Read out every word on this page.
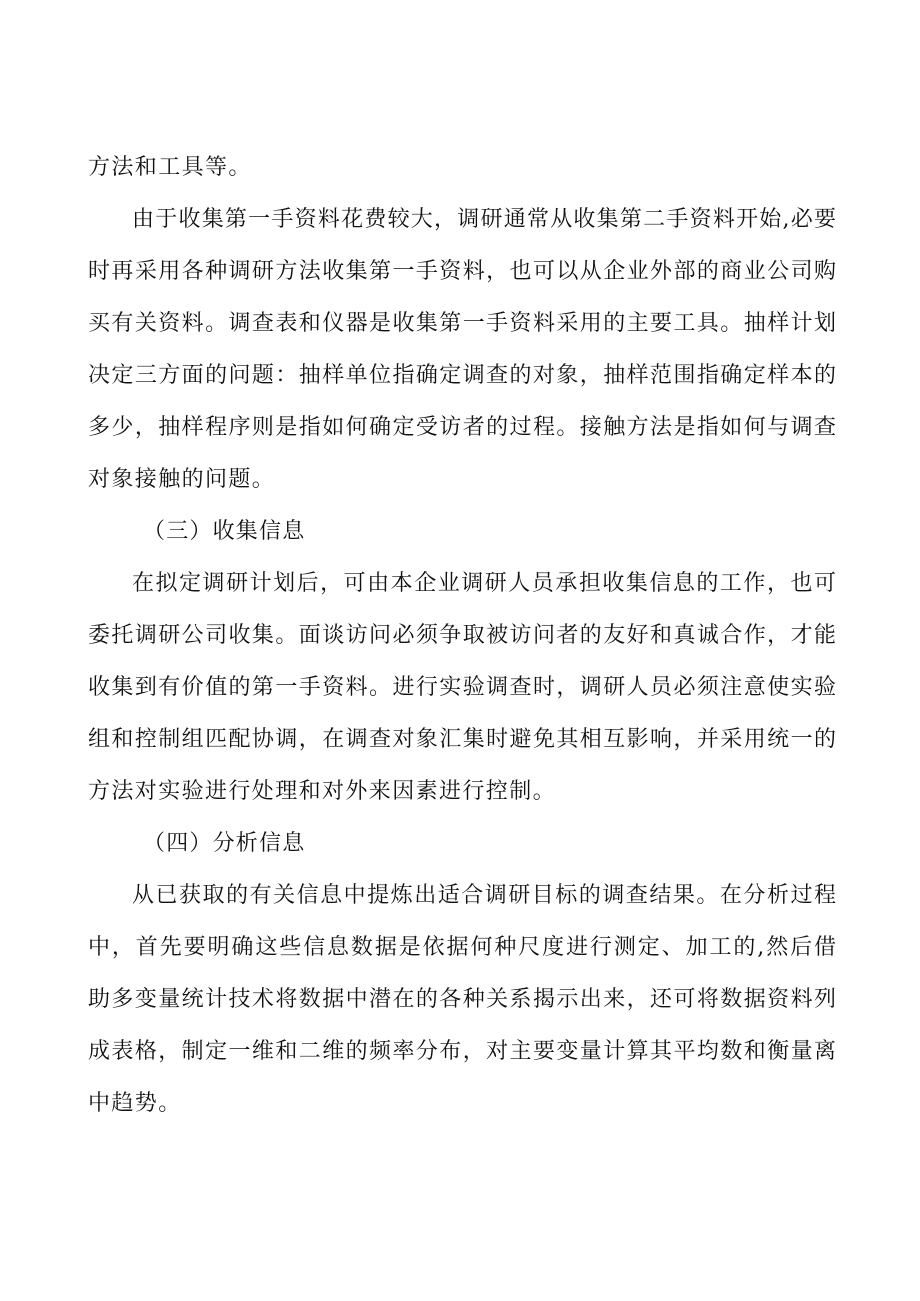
方法和工具等。
由于收集第一手资料花费较大，调研通常从收集第二手资料开始,必要
时再采用各种调研方法收集第一手资料，也可以从企业外部的商业公司购
买有关资料。调查表和仪器是收集第一手资料采用的主要工具。抽样计划
决定三方面的问题：抽样单位指确定调查的对象，抽样范围指确定样本的
多少，抽样程序则是指如何确定受访者的过程。接触方法是指如何与调查
对象接触的问题。
（三）收集信息
在拟定调研计划后，可由本企业调研人员承担收集信息的工作，也可
委托调研公司收集。面谈访问必须争取被访问者的友好和真诚合作，才能
收集到有价值的第一手资料。进行实验调查时，调研人员必须注意使实验
组和控制组匹配协调，在调查对象汇集时避免其相互影响，并采用统一的
方法对实验进行处理和对外来因素进行控制。
（四）分析信息
从已获取的有关信息中提炼出适合调研目标的调查结果。在分析过程
中，首先要明确这些信息数据是依据何种尺度进行测定、加工的,然后借
助多变量统计技术将数据中潜在的各种关系揭示出来，还可将数据资料列
成表格，制定一维和二维的频率分布，对主要变量计算其平均数和衡量离
中趋势。
